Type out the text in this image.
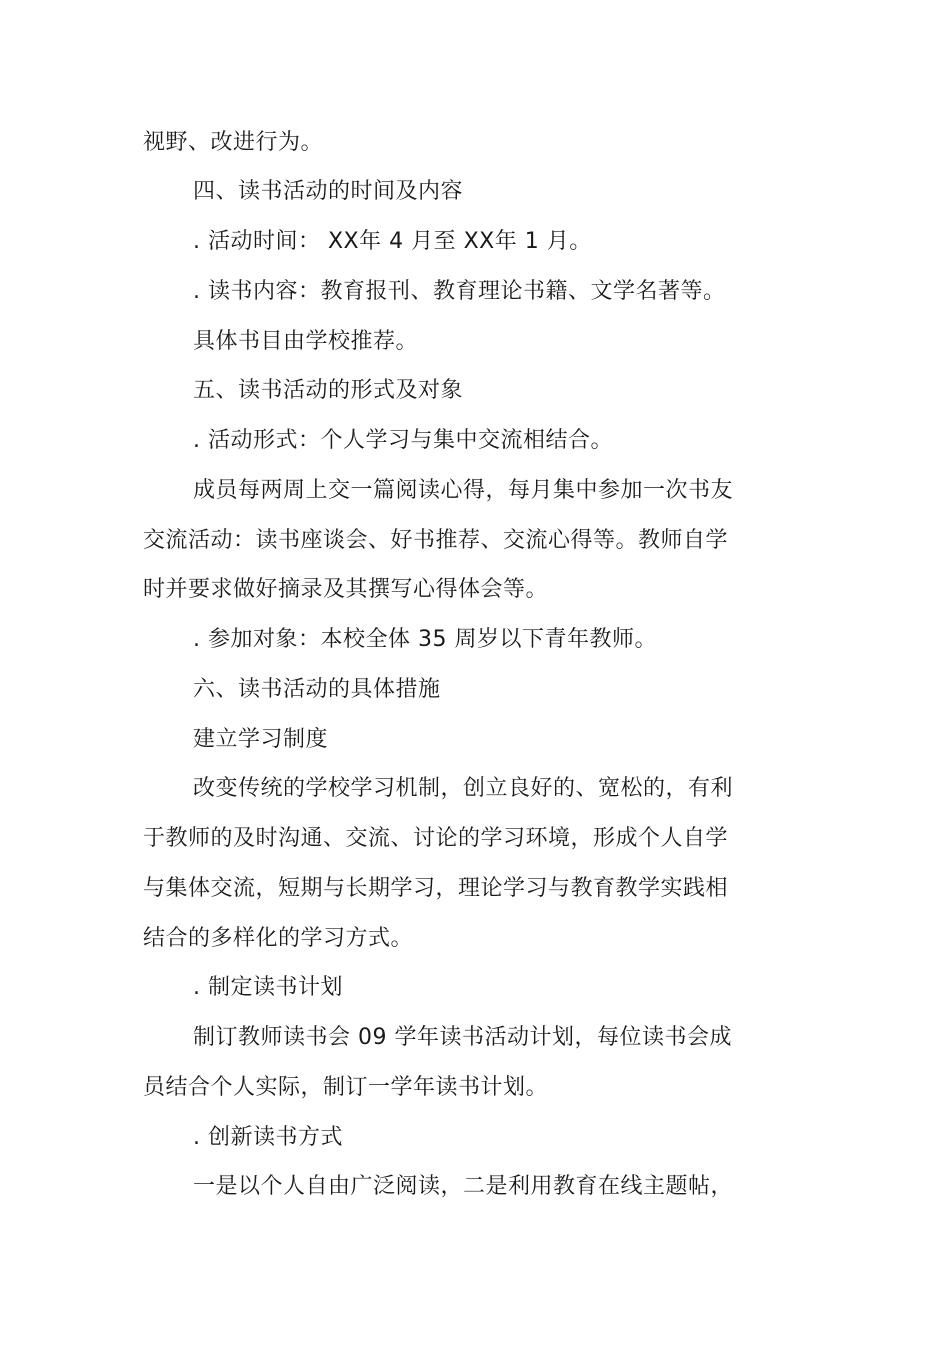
视野、改进行为。
四、读书活动的时间及内容
. 活动时间： XX年 4 月至 XX年 1 月。
. 读书内容：教育报刊、教育理论书籍、文学名著等。
具体书目由学校推荐。
五、读书活动的形式及对象
. 活动形式：个人学习与集中交流相结合。
成员每两周上交一篇阅读心得，每月集中参加一次书友
交流活动：读书座谈会、好书推荐、交流心得等。教师自学
时并要求做好摘录及其撰写心得体会等。
. 参加对象：本校全体 35 周岁以下青年教师。
六、读书活动的具体措施
建立学习制度
改变传统的学校学习机制，创立良好的、宽松的，有利
于教师的及时沟通、交流、讨论的学习环境，形成个人自学
与集体交流，短期与长期学习，理论学习与教育教学实践相
结合的多样化的学习方式。
. 制定读书计划
制订教师读书会 09 学年读书活动计划，每位读书会成
员结合个人实际，制订一学年读书计划。
. 创新读书方式
一是以个人自由广泛阅读，二是利用教育在线主题帖，
